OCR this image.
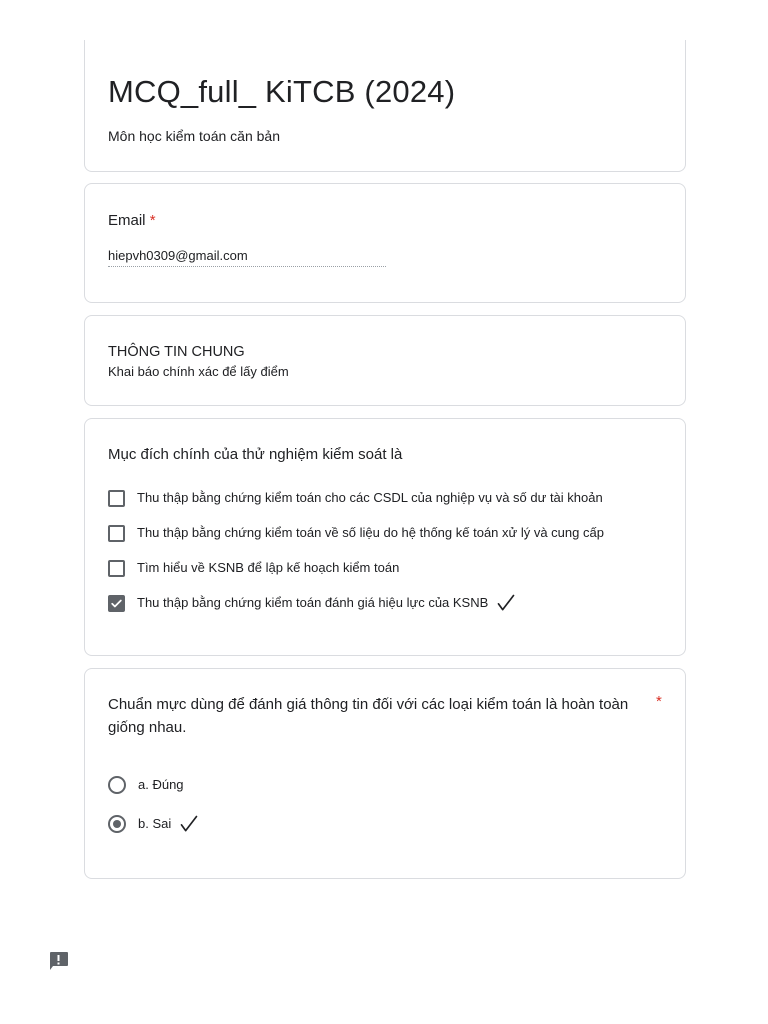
MCQ_full_ KiTCB (2024)
Môn học kiểm toán căn bản
Email *
hiepvh0309@gmail.com
THÔNG TIN CHUNG
Khai báo chính xác để lấy điểm
Mục đích chính của thử nghiệm kiểm soát là
Thu thập bằng chứng kiểm toán cho các CSDL của nghiệp vụ và số dư tài khoản
Thu thập bằng chứng kiểm toán về số liệu do hệ thống kế toán xử lý và cung cấp
Tìm hiểu về KSNB để lập kế hoạch kiểm toán
Thu thập bằng chứng kiểm toán đánh giá hiệu lực của KSNB
Chuẩn mực dùng để đánh giá thông tin đối với các loại kiểm toán là hoàn toàn giống nhau.
*
a. Đúng
b. Sai
